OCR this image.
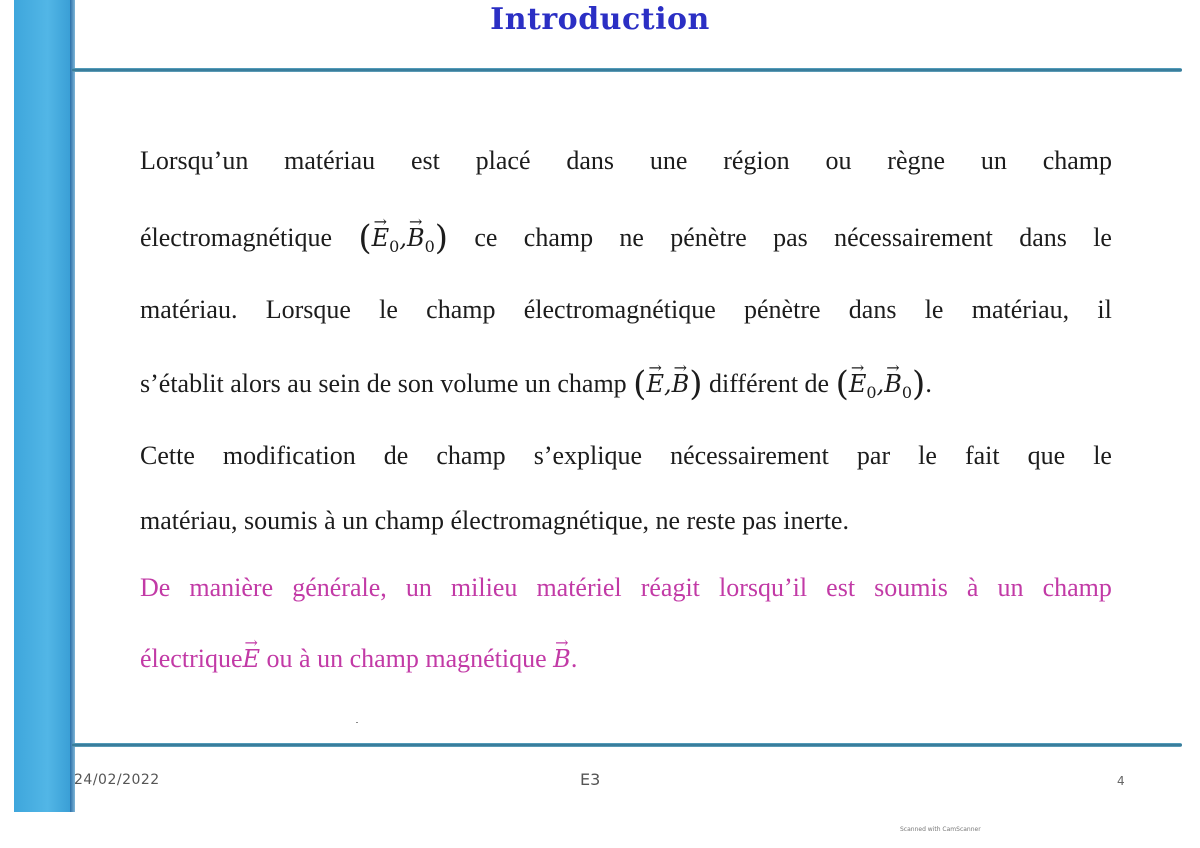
Introduction
Lorsqu’un matériau est placé dans une région ou règne un champ
électromagnétique (→ E0,→ B0) ce champ ne pénètre pas nécessairement dans le
matériau. Lorsque le champ électromagnétique pénètre dans le matériau, il
s’établit alors au sein de son volume un champ (→ E,→ B) différent de (→ $E_0,\to B_0$).
Cette modification de champ s’explique nécessairement par le fait que le
matériau, soumis à un champ électromagnétique, ne reste pas inerte.
De manière générale, un milieu matériel réagit lorsqu’il est soumis à un champ
électrique→ E ou à un champ magnétique → B.
24/02/2022	E3	4
Scanned with CamScanner
